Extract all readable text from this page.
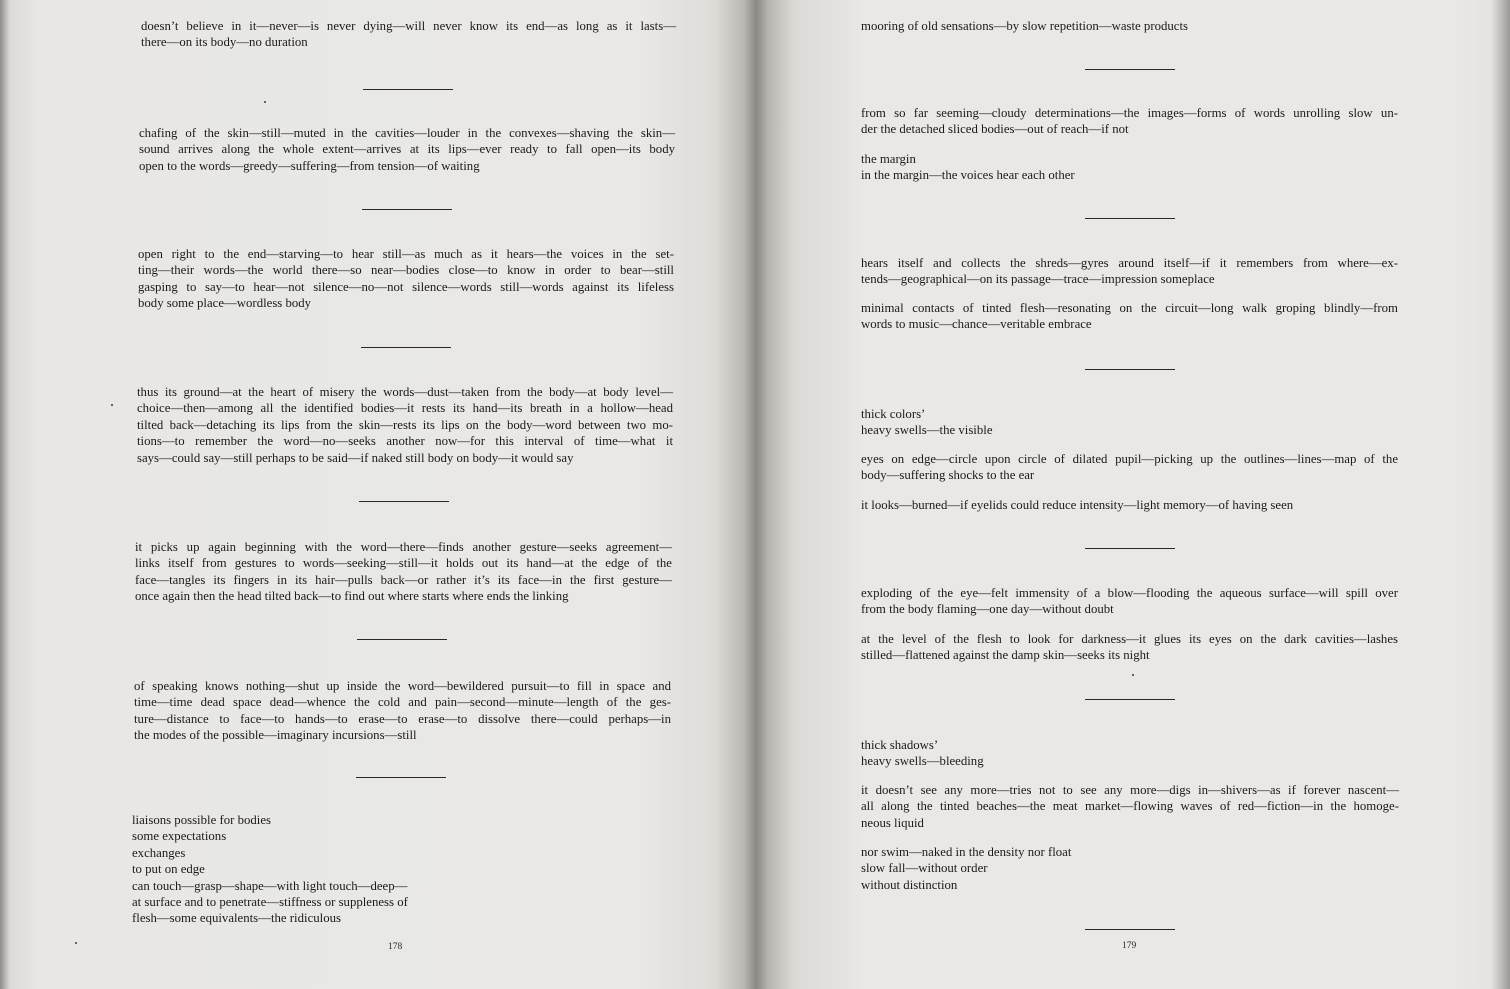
doesn’t believe in it—never—is never dying—will never know its end—as long as it lasts—
there—on its body—no duration
chafing of the skin—still—muted in the cavities—louder in the convexes—shaving the skin—
sound arrives along the whole extent—arrives at its lips—ever ready to fall open—its body
open to the words—greedy—suffering—from tension—of waiting
open right to the end—starving—to hear still—as much as it hears—the voices in the set-
ting—their words—the world there—so near—bodies close—to know in order to bear—still
gasping to say—to hear—not silence—no—not silence—words still—words against its lifeless
body some place—wordless body
thus its ground—at the heart of misery the words—dust—taken from the body—at body level—
choice—then—among all the identified bodies—it rests its hand—its breath in a hollow—head
tilted back—detaching its lips from the skin—rests its lips on the body—word between two mo-
tions—to remember the word—no—seeks another now—for this interval of time—what it
says—could say—still perhaps to be said—if naked still body on body—it would say
it picks up again beginning with the word—there—finds another gesture—seeks agreement—
links itself from gestures to words—seeking—still—it holds out its hand—at the edge of the
face—tangles its fingers in its hair—pulls back—or rather it’s its face—in the first gesture—
once again then the head tilted back—to find out where starts where ends the linking
of speaking knows nothing—shut up inside the word—bewildered pursuit—to fill in space and
time—time dead space dead—whence the cold and pain—second—minute—length of the ges-
ture—distance to face—to hands—to erase—to erase—to dissolve there—could perhaps—in
the modes of the possible—imaginary incursions—still
liaisons possible for bodies
some expectations
exchanges
to put on edge
can touch—grasp—shape—with light touch—deep—
at surface and to penetrate—stiffness or suppleness of
flesh—some equivalents—the ridiculous
178
mooring of old sensations—by slow repetition—waste products
from so far seeming—cloudy determinations—the images—forms of words unrolling slow un-
der the detached sliced bodies—out of reach—if not
the margin
in the margin—the voices hear each other
hears itself and collects the shreds—gyres around itself—if it remembers from where—ex-
tends—geographical—on its passage—trace—impression someplace
minimal contacts of tinted flesh—resonating on the circuit—long walk groping blindly—from
words to music—chance—veritable embrace
thick colors’
heavy swells—the visible
eyes on edge—circle upon circle of dilated pupil—picking up the outlines—lines—map of the
body—suffering shocks to the ear
it looks—burned—if eyelids could reduce intensity—light memory—of having seen
exploding of the eye—felt immensity of a blow—flooding the aqueous surface—will spill over
from the body flaming—one day—without doubt
at the level of the flesh to look for darkness—it glues its eyes on the dark cavities—lashes
stilled—flattened against the damp skin—seeks its night
thick shadows’
heavy swells—bleeding
it doesn’t see any more—tries not to see any more—digs in—shivers—as if forever nascent—
all along the tinted beaches—the meat market—flowing waves of red—fiction—in the homoge-
neous liquid
nor swim—naked in the density nor float
slow fall—without order
without distinction
179
